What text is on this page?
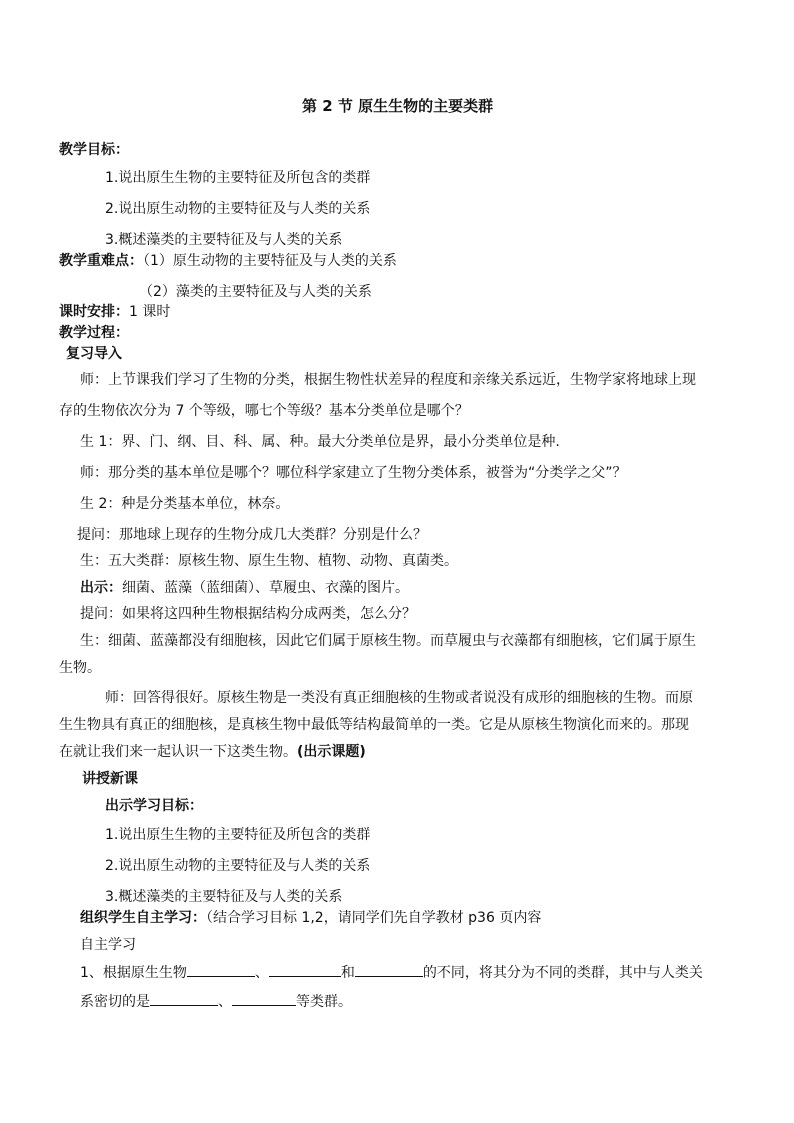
第 2 节 原生生物的主要类群
教学目标：
1.说出原生生物的主要特征及所包含的类群
2.说出原生动物的主要特征及与人类的关系
3.概述藻类的主要特征及与人类的关系
教学重难点：（1）原生动物的主要特征及与人类的关系
（2）藻类的主要特征及与人类的关系
课时安排：1 课时
教学过程：
复习导入
师：上节课我们学习了生物的分类，根据生物性状差异的程度和亲缘关系远近，生物学家将地球上现
存的生物依次分为 7 个等级，哪七个等级？基本分类单位是哪个？
生 1：界、门、纲、目、科、属、种。最大分类单位是界，最小分类单位是种.
师：那分类的基本单位是哪个？哪位科学家建立了生物分类体系，被誉为“分类学之父”？
生 2：种是分类基本单位，林奈。
提问：那地球上现存的生物分成几大类群？分别是什么？
生：五大类群：原核生物、原生生物、植物、动物、真菌类。
出示：细菌、蓝藻（蓝细菌）、草履虫、衣藻的图片。
提问：如果将这四种生物根据结构分成两类，怎么分？
生：细菌、蓝藻都没有细胞核，因此它们属于原核生物。而草履虫与衣藻都有细胞核，它们属于原生
生物。
师：回答得很好。原核生物是一类没有真正细胞核的生物或者说没有成形的细胞核的生物。而原
生生物具有真正的细胞核，是真核生物中最低等结构最简单的一类。它是从原核生物演化而来的。那现
在就让我们来一起认识一下这类生物。(出示课题)
讲授新课
出示学习目标：
1.说出原生生物的主要特征及所包含的类群
2.说出原生动物的主要特征及与人类的关系
3.概述藻类的主要特征及与人类的关系
组织学生自主学习：（结合学习目标 1,2，请同学们先自学教材 p36 页内容
自主学习
1、根据原生生物	、	和	的不同，将其分为不同的类群，其中与人类关
系密切的是	、	等类群。
